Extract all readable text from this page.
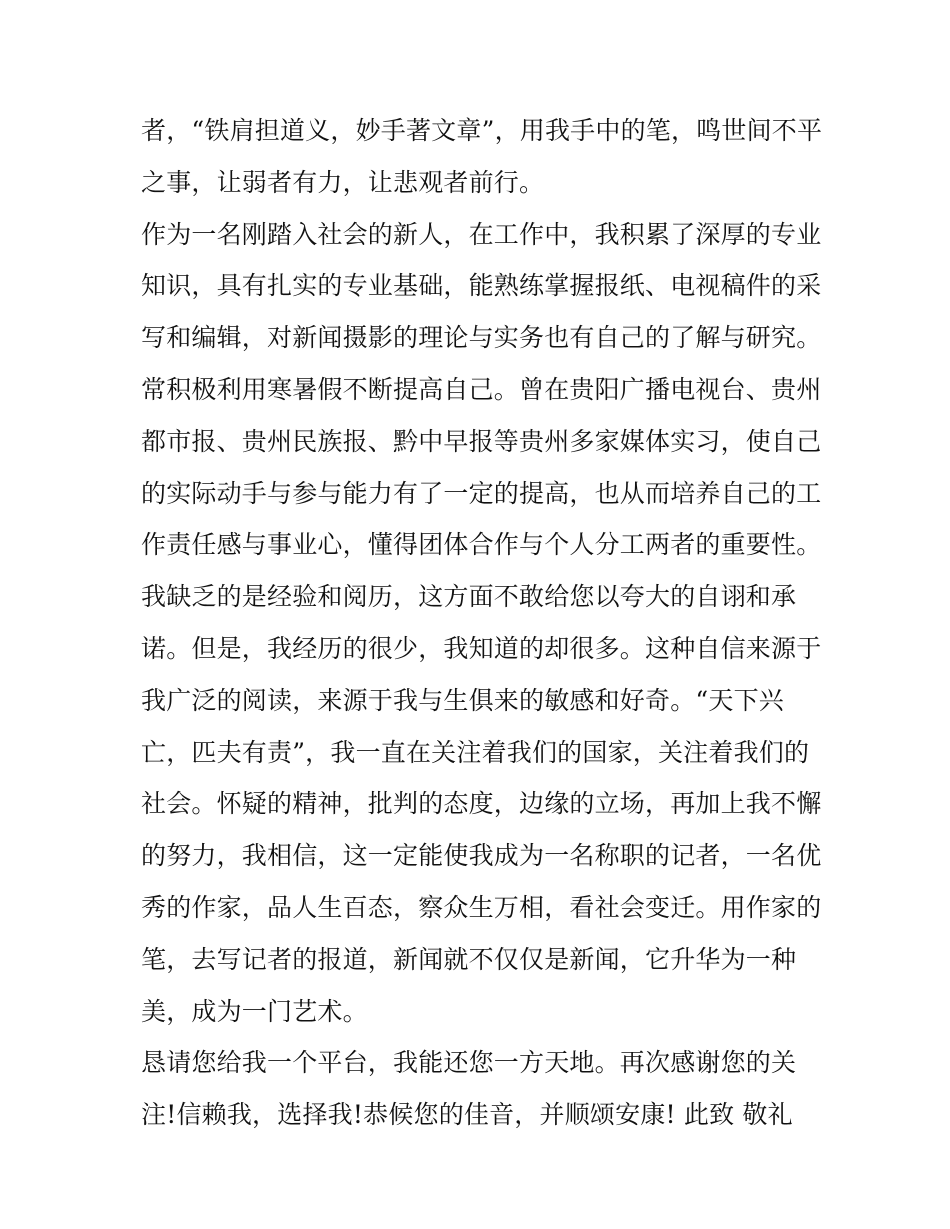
者，“铁肩担道义，妙手著文章”，用我手中的笔，鸣世间不平
之事，让弱者有力，让悲观者前行。
作为一名刚踏入社会的新人，在工作中，我积累了深厚的专业
知识，具有扎实的专业基础，能熟练掌握报纸、电视稿件的采
写和编辑，对新闻摄影的理论与实务也有自己的了解与研究。
常积极利用寒暑假不断提高自己。曾在贵阳广播电视台、贵州
都市报、贵州民族报、黔中早报等贵州多家媒体实习，使自己
的实际动手与参与能力有了一定的提高，也从而培养自己的工
作责任感与事业心，懂得团体合作与个人分工两者的重要性。
我缺乏的是经验和阅历，这方面不敢给您以夸大的自诩和承
诺。但是，我经历的很少，我知道的却很多。这种自信来源于
我广泛的阅读，来源于我与生俱来的敏感和好奇。“天下兴
亡，匹夫有责”，我一直在关注着我们的国家，关注着我们的
社会。怀疑的精神，批判的态度，边缘的立场，再加上我不懈
的努力，我相信，这一定能使我成为一名称职的记者，一名优
秀的作家，品人生百态，察众生万相，看社会变迁。用作家的
笔，去写记者的报道，新闻就不仅仅是新闻，它升华为一种
美，成为一门艺术。
恳请您给我一个平台，我能还您一方天地。再次感谢您的关
注!信赖我，选择我!恭候您的佳音，并顺颂安康! 此致 敬礼
